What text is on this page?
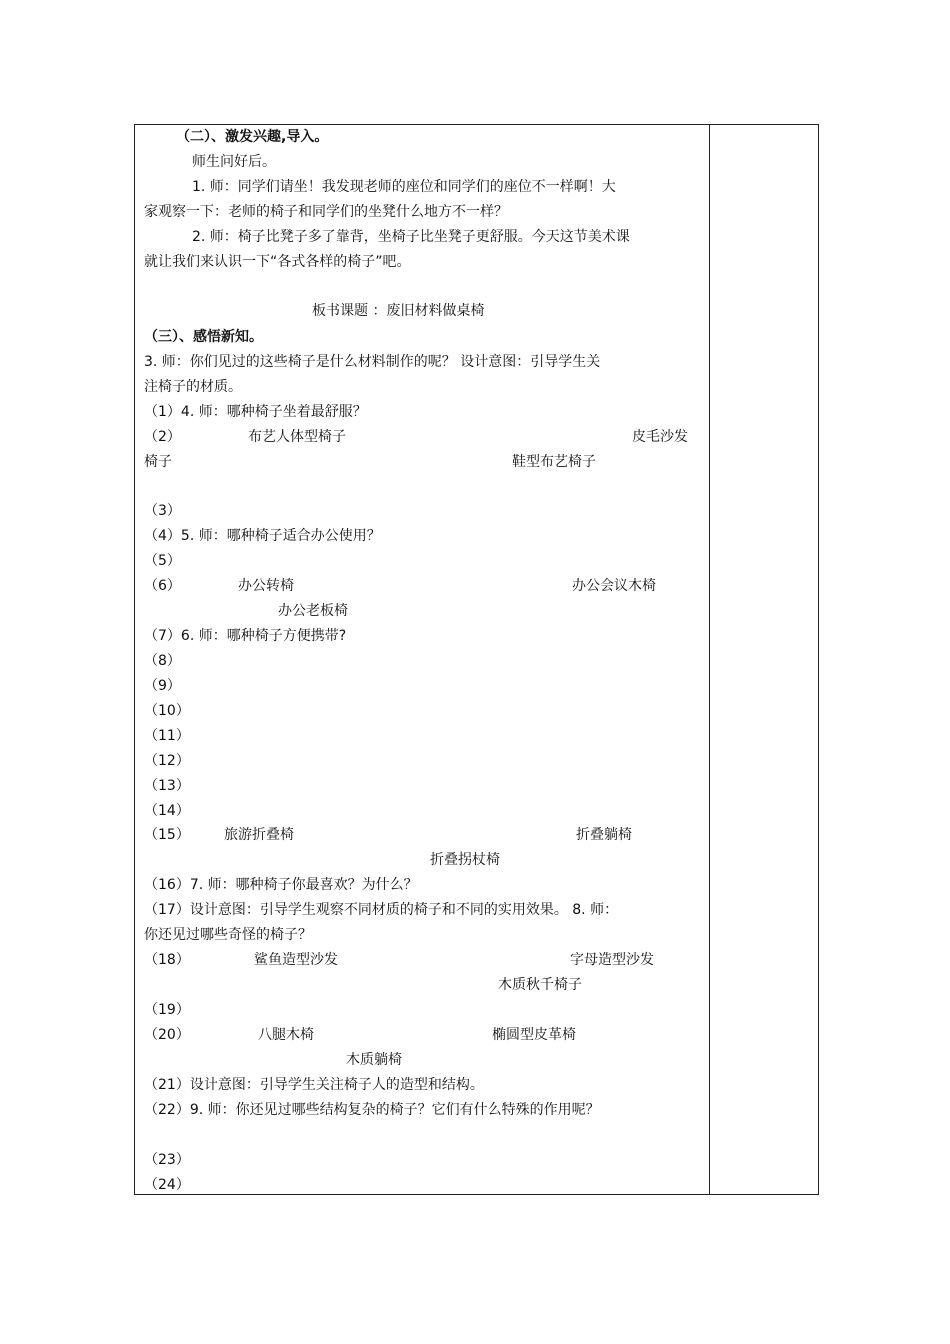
（二）、激发兴趣,导入。
师生问好后。
1. 师：同学们请坐！我发现老师的座位和同学们的座位不一样啊！大
家观察一下：老师的椅子和同学们的坐凳什么地方不一样？
2. 师：椅子比凳子多了靠背，坐椅子比坐凳子更舒服。今天这节美术课
就让我们来认识一下“各式各样的椅子”吧。
板书课题 ：废旧材料做桌椅
（三）、感悟新知。
3. 师：你们见过的这些椅子是什么材料制作的呢？ 设计意图：引导学生关
注椅子的材质。
（1）4. 师：哪种椅子坐着最舒服？
（2）	布艺人体型椅子	皮毛沙发
椅子	鞋型布艺椅子
（3）
（4）5. 师：哪种椅子适合办公使用？
（5）
（6）	办公转椅	办公会议木椅
办公老板椅
（7）6. 师：哪种椅子方便携带?
（8）
（9）
（10）
（11）
（12）
（13）
（14）
（15） 旅游折叠椅	折叠躺椅
折叠拐杖椅
（16）7. 师：哪种椅子你最喜欢？为什么？
（17）设计意图：引导学生观察不同材质的椅子和不同的实用效果。 8. 师：
你还见过哪些奇怪的椅子？
（18）	鲨鱼造型沙发	字母造型沙发
木质秋千椅子
（19）
（20）	八腿木椅	椭圆型皮革椅
木质躺椅
（21）设计意图：引导学生关注椅子人的造型和结构。
（22）9. 师：你还见过哪些结构复杂的椅子？它们有什么特殊的作用呢？
（23）
（24）
